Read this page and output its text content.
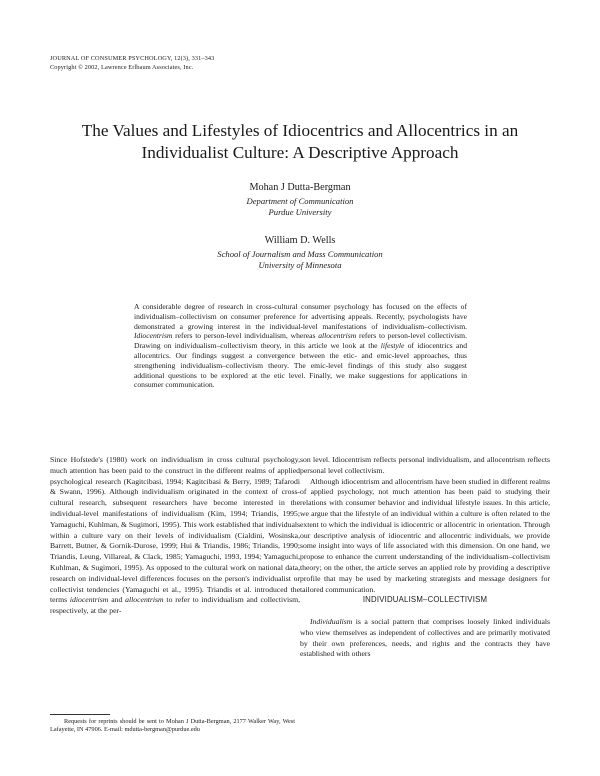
JOURNAL OF CONSUMER PSYCHOLOGY, 12(3), 331–343
Copyright © 2002, Lawrence Erlbaum Associates, Inc.
The Values and Lifestyles of Idiocentrics and Allocentrics in an
Individualist Culture: A Descriptive Approach
Mohan J Dutta-Bergman
Department of Communication
Purdue University
William D. Wells
School of Journalism and Mass Communication
University of Minnesota
A considerable degree of research in cross-cultural consumer psychology has focused on the effects of individualism–collectivism on consumer preference for advertising appeals. Recently, psychologists have demonstrated a growing interest in the individual-level manifestations of individualism–collectivism. Idiocentrism refers to person-level individualism, whereas allocentrism refers to person-level collectivism. Drawing on individualism–collectivism theory, in this article we look at the lifestyle of idiocentrics and allocentrics. Our findings suggest a convergence between the etic- and emic-level approaches, thus strengthening individualism–collectivism theory. The emic-level findings of this study also suggest additional questions to be explored at the etic level. Finally, we make suggestions for applications in consumer communication.

Since Hofstede's (1980) work on individualism in cross cultural psychology, much attention has been paid to the construct in the different realms of applied psychological research (Kagitcibasi, 1994; Kagitcibasi & Berry, 1989; Tafarodi & Swann, 1996). Although individualism originated in the context of cross-cultural research, subsequent researchers have become interested in the individual-level manifestations of individualism (Kim, 1994; Triandis, 1995; Yamaguchi, Kuhlman, & Sugimori, 1995). This work established that individuals within a culture vary on their levels of individualism (Cialdini, Wosinska, Barrett, Butner, & Gornik-Durose, 1999; Hui & Triandis, 1986; Triandis, 1990; Triandis, Leung, Villareal, & Clack, 1985; Yamaguchi, 1993, 1994; Yamaguchi, Kuhlman, & Sugimori, 1995). As opposed to the cultural work on national data, research on individual-level differences focuses on the person's individualist or collectivist tendencies (Yamaguchi et al., 1995). Triandis et al. introduced the terms idiocentrism and allocentrism to refer to individualism and collectivism, respectively, at the per-

son level. Idiocentrism reflects personal individualism, and allocentrism reflects personal level collectivism.

Although idiocentrism and allocentrism have been studied in different realms of applied psychology, not much attention has been paid to studying their relations with consumer behavior and individual lifestyle issues. In this article, we argue that the lifestyle of an individual within a culture is often related to the extent to which the individual is idiocentric or allocentric in orientation. Through our descriptive analysis of idiocentric and allocentric individuals, we provide some insight into ways of life associated with this dimension. On one hand, we propose to enhance the current understanding of the individualism–collectivism theory; on the other, the article serves an applied role by providing a descriptive profile that may be used by marketing strategists and message designers for tailored communication.

INDIVIDUALISM–COLLECTIVISM

Individualism is a social pattern that comprises loosely linked individuals who view themselves as independent of collectives and are primarily motivated by their own preferences, needs, and rights and the contracts they have established with others

Requests for reprints should be sent to Mohan J Dutta-Bergman, 2177 Walker Way, West Lafayette, IN 47906. E-mail: mdutta-bergman@purdue.edu
